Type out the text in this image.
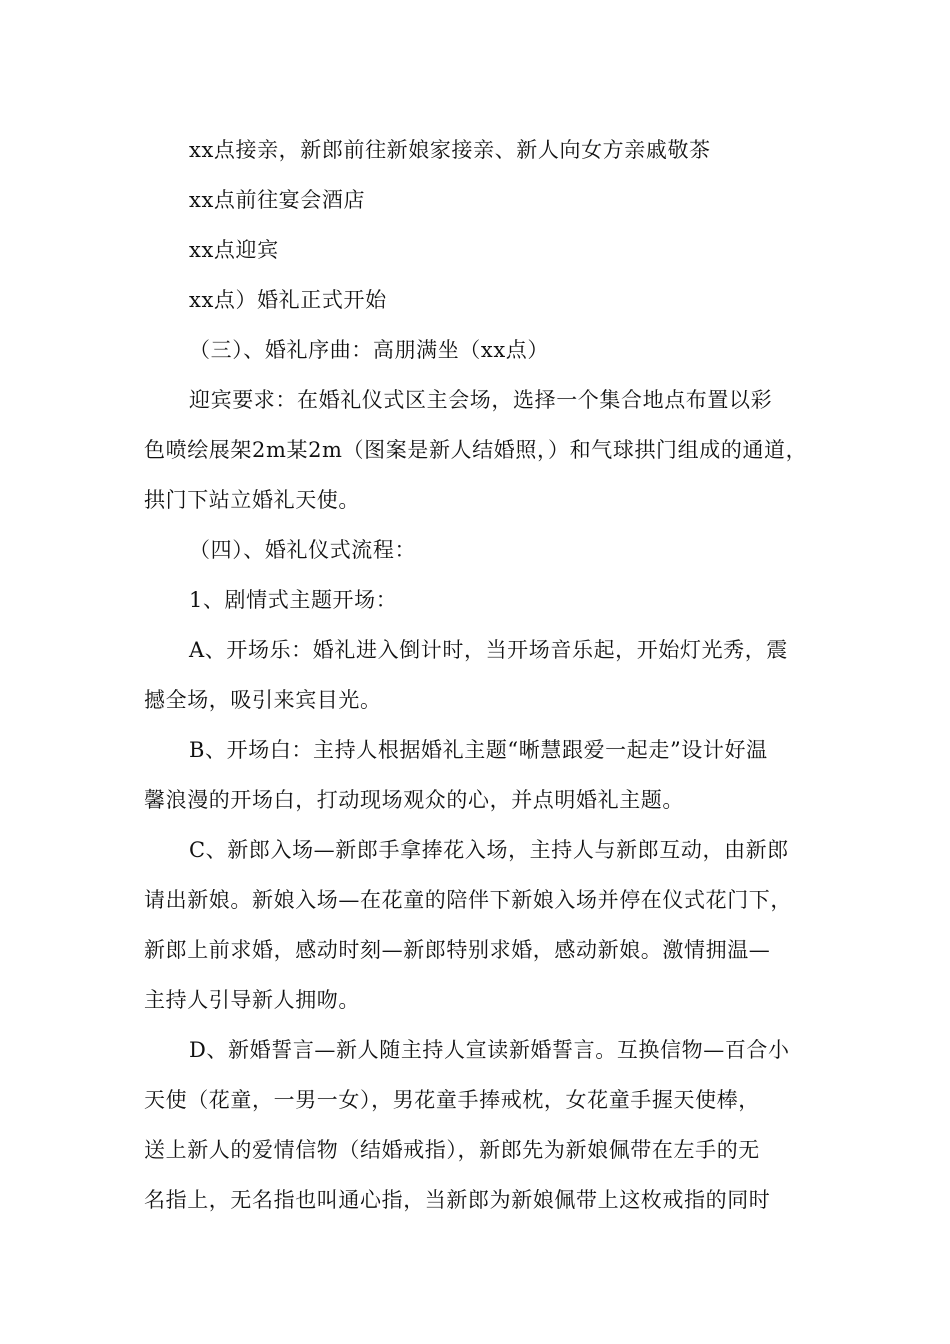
xx点接亲，新郎前往新娘家接亲、新人向女方亲戚敬茶
xx点前往宴会酒店
xx点迎宾
xx点）婚礼正式开始
（三）、婚礼序曲：高朋满坐（xx点）
迎宾要求：在婚礼仪式区主会场，选择一个集合地点布置以彩
色喷绘展架2m某2m（图案是新人结婚照，）和气球拱门组成的通道，
拱门下站立婚礼天使。
（四）、婚礼仪式流程：
1、剧情式主题开场：
A、开场乐：婚礼进入倒计时，当开场音乐起，开始灯光秀，震
撼全场，吸引来宾目光。
B、开场白：主持人根据婚礼主题“晰慧跟爱一起走”设计好温
馨浪漫的开场白，打动现场观众的心，并点明婚礼主题。
C、新郎入场—新郎手拿捧花入场，主持人与新郎互动，由新郎
请出新娘。新娘入场—在花童的陪伴下新娘入场并停在仪式花门下，
新郎上前求婚，感动时刻—新郎特别求婚，感动新娘。激情拥温—
主持人引导新人拥吻。
D、新婚誓言—新人随主持人宣读新婚誓言。互换信物—百合小
天使（花童，一男一女），男花童手捧戒枕，女花童手握天使棒，
送上新人的爱情信物（结婚戒指），新郎先为新娘佩带在左手的无
名指上，无名指也叫通心指，当新郎为新娘佩带上这枚戒指的同时
